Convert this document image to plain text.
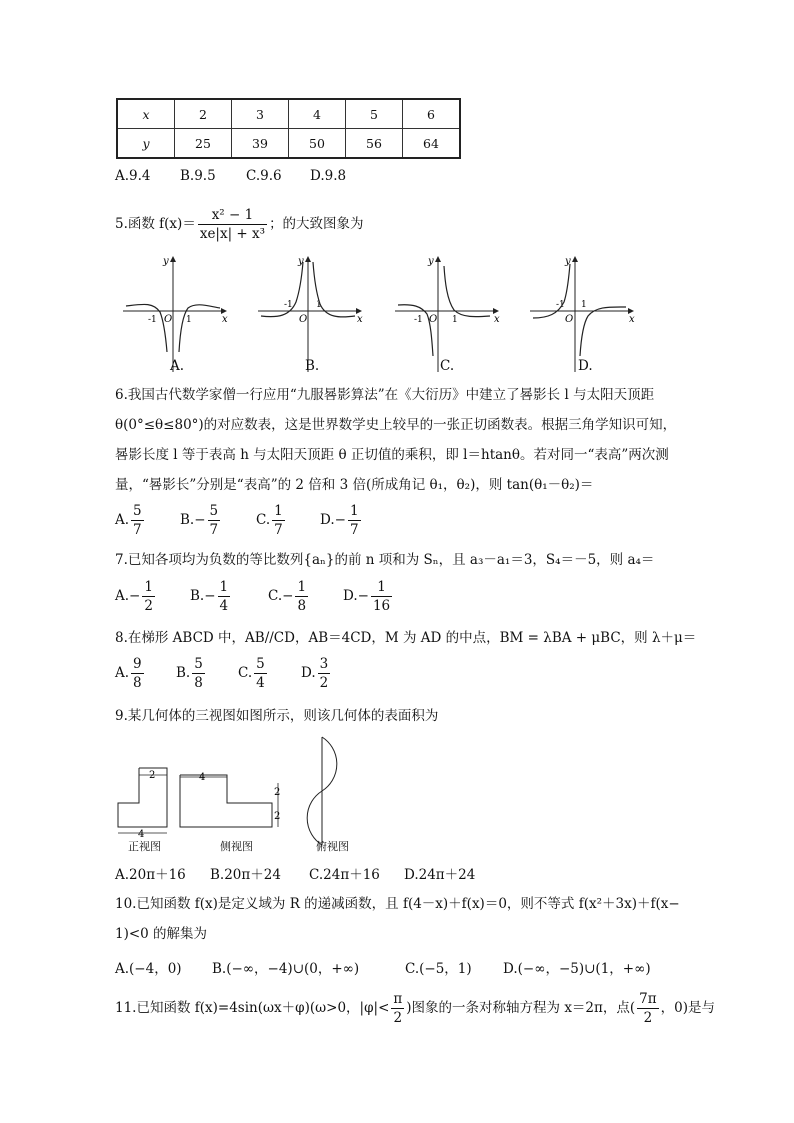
x	2	3	4	5	6
y	25	39	50	56	64
A.9.4 B.9.5 C.9.6 D.9.8
5.函数 $f(x)= \frac{\text{x² − 1}}{\text{xe|x| + x³}}$ ；的大致图象为
y
x
-1 O 1
y
x
-1
O
1
y
x
-1 O 1
y
x
-1
O
1
A.	B.	C.	D.
6.我国古代数学家僧一行应用“九服晷影算法”在《大衍历》中建立了晷影长 l 与太阳天顶距
θ(0°≤θ≤80°)的对应数表，这是世界数学史上较早的一张正切函数表。根据三角学知识可知，
晷影长度 l 等于表高 h 与太阳天顶距 θ 正切值的乘积，即 l＝htanθ。若对同一“表高”两次测
量，“晷影长”分别是“表高”的 2 倍和 3 倍(所成角记 θ₁，θ₂)，则 tan(θ₁－θ₂)＝
A. $\frac{5}{7}$	$B.- \frac{5}{7}$	C. $\frac{1}{7}$	$D.- \frac{1}{7}$
7.已知各项均为负数的等比数列{aₙ}的前 n 项和为 Sₙ，且 a₃－a₁＝3，S₄＝－5，则 a₄＝
$A.- \frac{1}{2}$	$B.- \frac{1}{4}$	$C.- \frac{1}{8}$	$D.- \frac{1}{16}$
8.在梯形 ABCD 中，AB//CD，AB＝4CD，M 为 AD 的中点，BM = λBA + μBC，则 λ＋μ＝
A. $\frac{9}{8} B$. $\frac{5}{8} C$. $\frac{5}{4}$	D. $\frac{3}{2}$
9.某几何体的三视图如图所示，则该几何体的表面积为
2
4
4
2
2
正视图	侧视图	俯视图
A.20π＋16 B.20π＋24 C.24π＋16 D.24π＋24
10.已知函数 f(x)是定义域为 R 的递减函数，且 f(4－x)＋f(x)＝0，则不等式 f(x²＋3x)＋f(x−
1)<0 的解集为
A.(−4，0) B.(−∞，−4)∪(0，+∞)	C.(−5，1) D.(−∞，−5)∪(1，+∞)
11.已知函数 f(x)=4sin(ωx＋φ)(ω>0，$|\varphi|< \frac{\pi}{2}$ )图象的一条对称轴方程为 x＝2π，点( $\frac{7\pi}{2}$ ，0)是与
